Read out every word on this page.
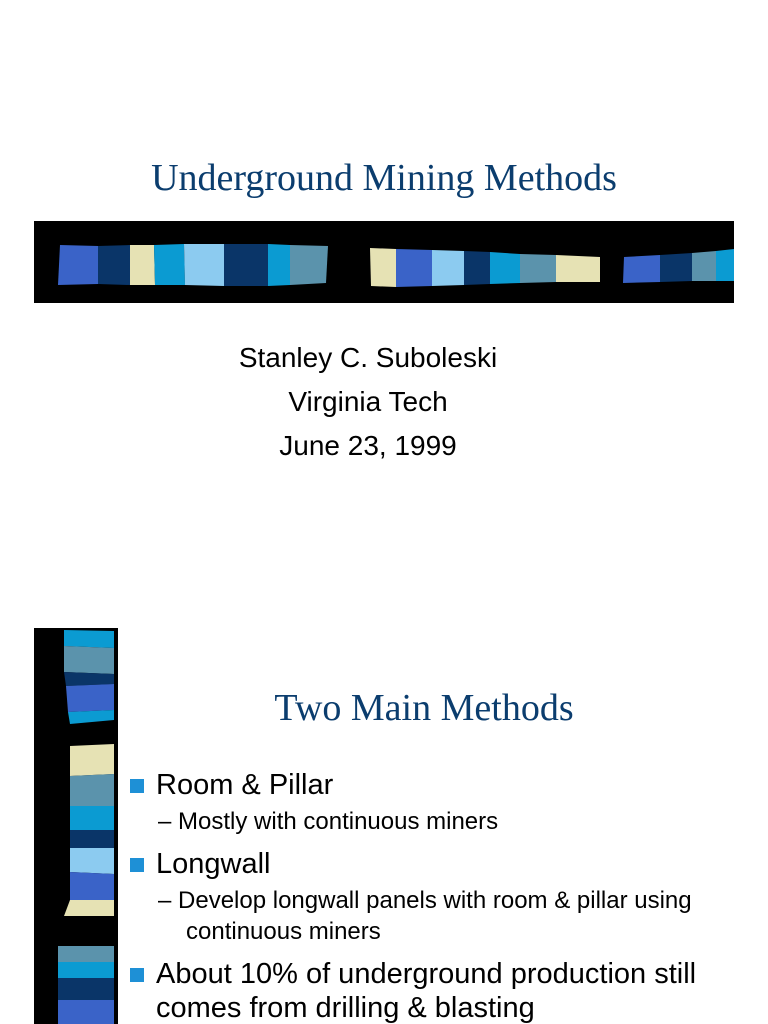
Underground Mining Methods
Stanley C. Suboleski
Virginia Tech
June 23, 1999
Two Main Methods
Room & Pillar
– Mostly with continuous miners
Longwall
– Develop longwall panels with room & pillar using continuous miners
About 10% of underground production still comes from drilling & blasting
